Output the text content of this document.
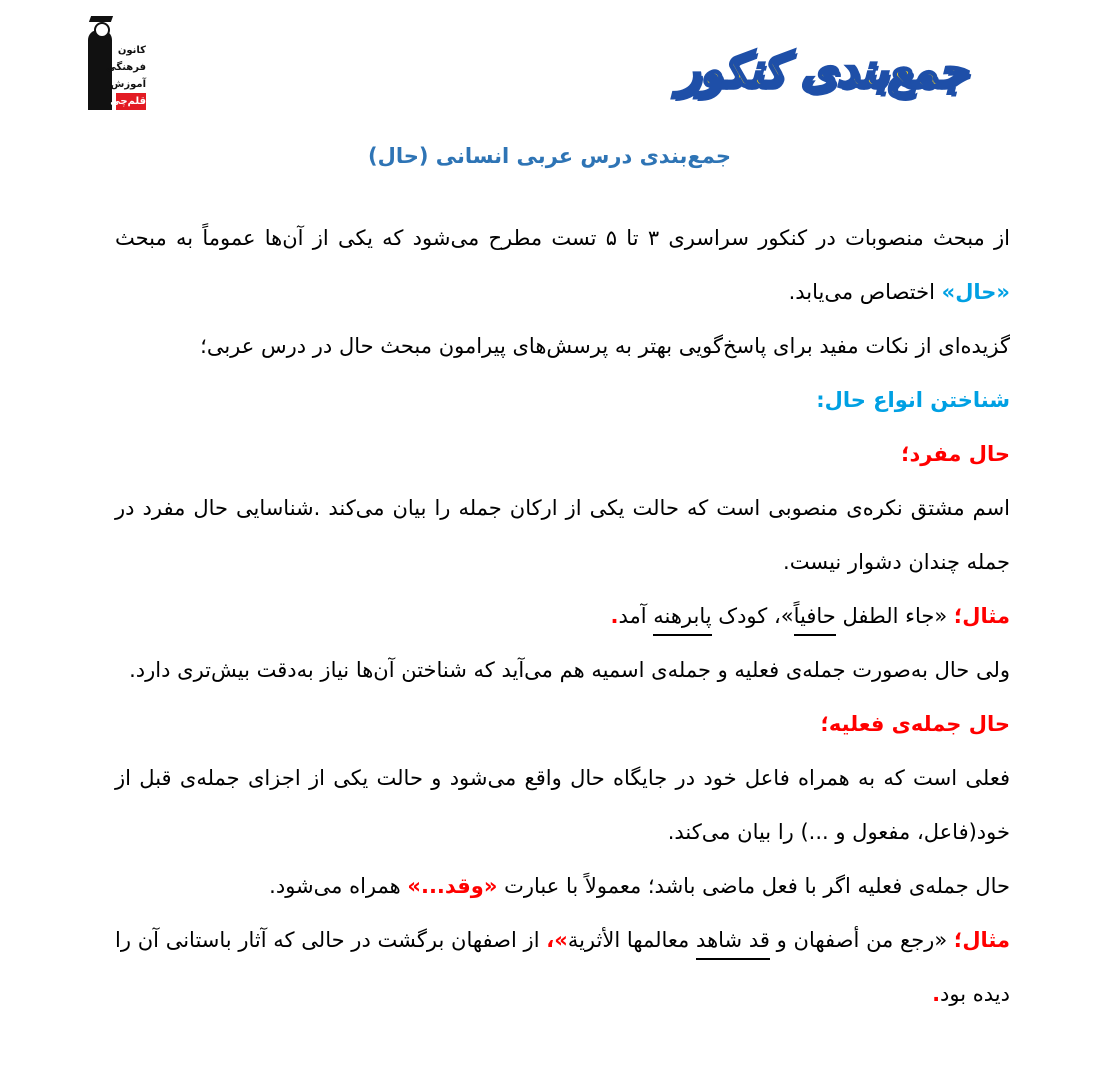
کانون
فرهنگی
آموزش
قلم‌چی
جمع‌بندی کنکور
جمع‌بندی درس عربی انسانی (حال)

از مبحث منصوبات در کنکور سراسری ۳ تا ۵ تست مطرح می‌شود که یکی از آن‌ها عموماً به مبحث «حال» اختصاص می‌یابد.

گزیده‌ای از نکات مفید برای پاسخ‌گویی بهتر به پرسش‌های پیرامون مبحث حال در درس عربی؛

شناختن انواع حال:

حال مفرد؛

اسم مشتق نکره‌ی منصوبی است که حالت یکی از ارکان جمله را بیان می‌کند .شناسایی حال مفرد در جمله چندان دشوار نیست.

مثال؛ «جاء الطفل حافیاً»، کودک پابرهنه آمد.

ولی حال به‌صورت جمله‌ی فعلیه و جمله‌ی اسمیه هم می‌آید که شناختن آن‌ها نیاز به‌دقت بیش‌تری دارد.

حال جمله‌ی فعلیه؛

فعلی است که به همراه فاعل خود در جایگاه حال واقع می‌شود و حالت یکی از اجزای جمله‌ی قبل از خود(فاعل، مفعول و ...) را بیان می‌کند.

حال جمله‌ی فعلیه اگر با فعل ماضی باشد؛ معمولاً با عبارت «وقد...» همراه می‌شود.

مثال؛ «رجع من أصفهان و قد شاهد معالمها الأثرية»، از اصفهان برگشت در حالی که آثار باستانی آن را دیده بود.
